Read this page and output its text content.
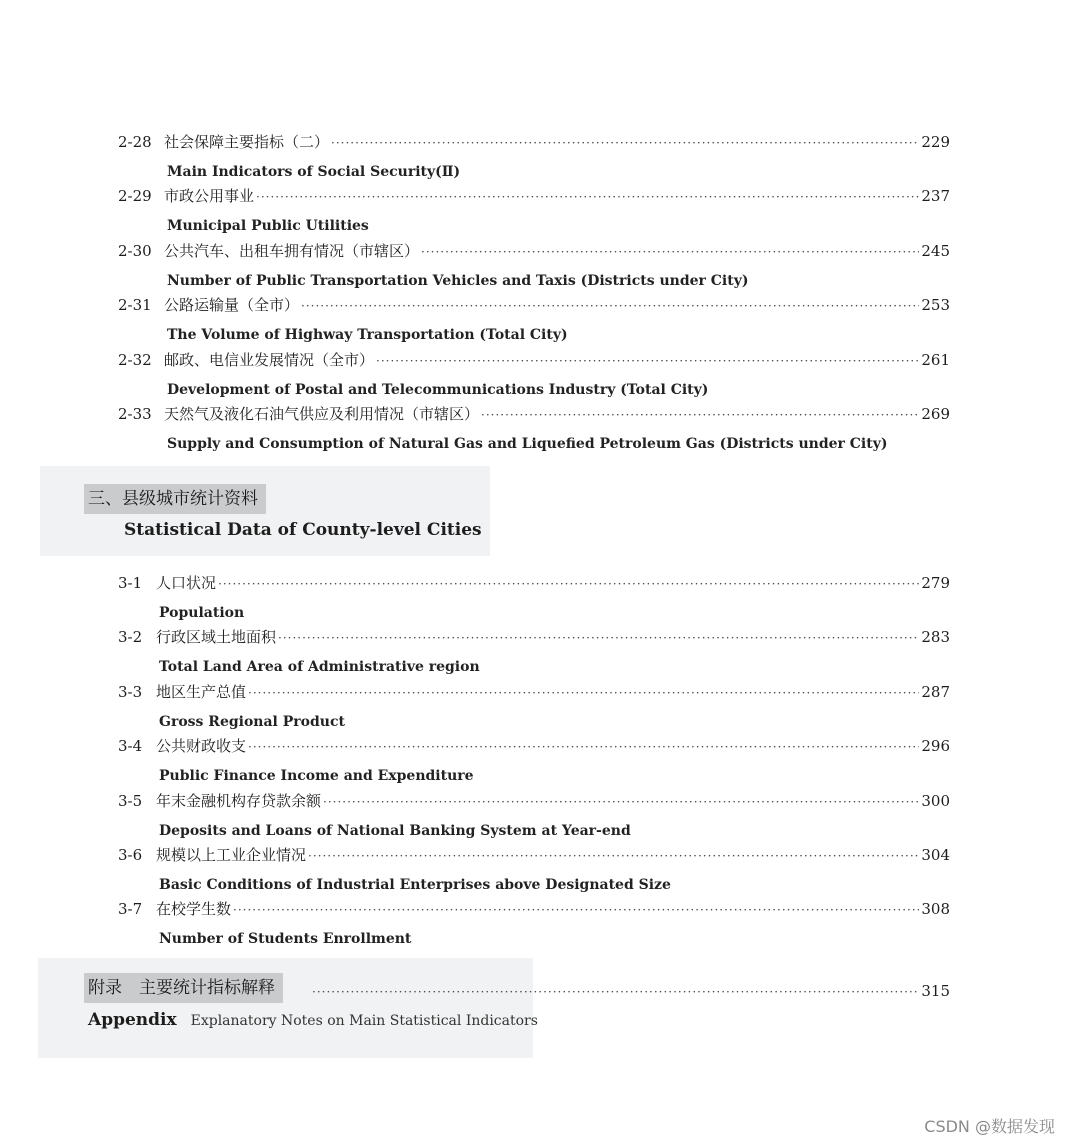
2-28 社会保障主要指标（二） ·····	229
Main Indicators of Social Security(Ⅱ)
2-29 市政公用事业 ·····	237
Municipal Public Utilities
2-30 公共汽车、出租车拥有情况（市辖区） ·····	245
Number of Public Transportation Vehicles and Taxis (Districts under City)
2-31 公路运输量（全市） ·····	253
The Volume of Highway Transportation (Total City)
2-32 邮政、电信业发展情况（全市） ·····	261
Development of Postal and Telecommunications Industry (Total City)
2-33 天然气及液化石油气供应及利用情况（市辖区） ·····	269
Supply and Consumption of Natural Gas and Liquefied Petroleum Gas (Districts under City)
三、县级城市统计资料
Statistical Data of County-level Cities
3-1 人口状况 ·····	279
Population
3-2 行政区域土地面积 ·····	283
Total Land Area of Administrative region
3-3 地区生产总值 ·····	287
Gross Regional Product
3-4 公共财政收支 ·····	296
Public Finance Income and Expenditure
3-5 年末金融机构存贷款余额 ·····	300
Deposits and Loans of National Banking System at Year-end
3-6 规模以上工业企业情况 ·····	304
Basic Conditions of Industrial Enterprises above Designated Size
3-7 在校学生数 ·····	308
Number of Students Enrollment
附录　主要统计指标解释 ·····	315
Appendix Explanatory Notes on Main Statistical Indicators
CSDN @数据发现
